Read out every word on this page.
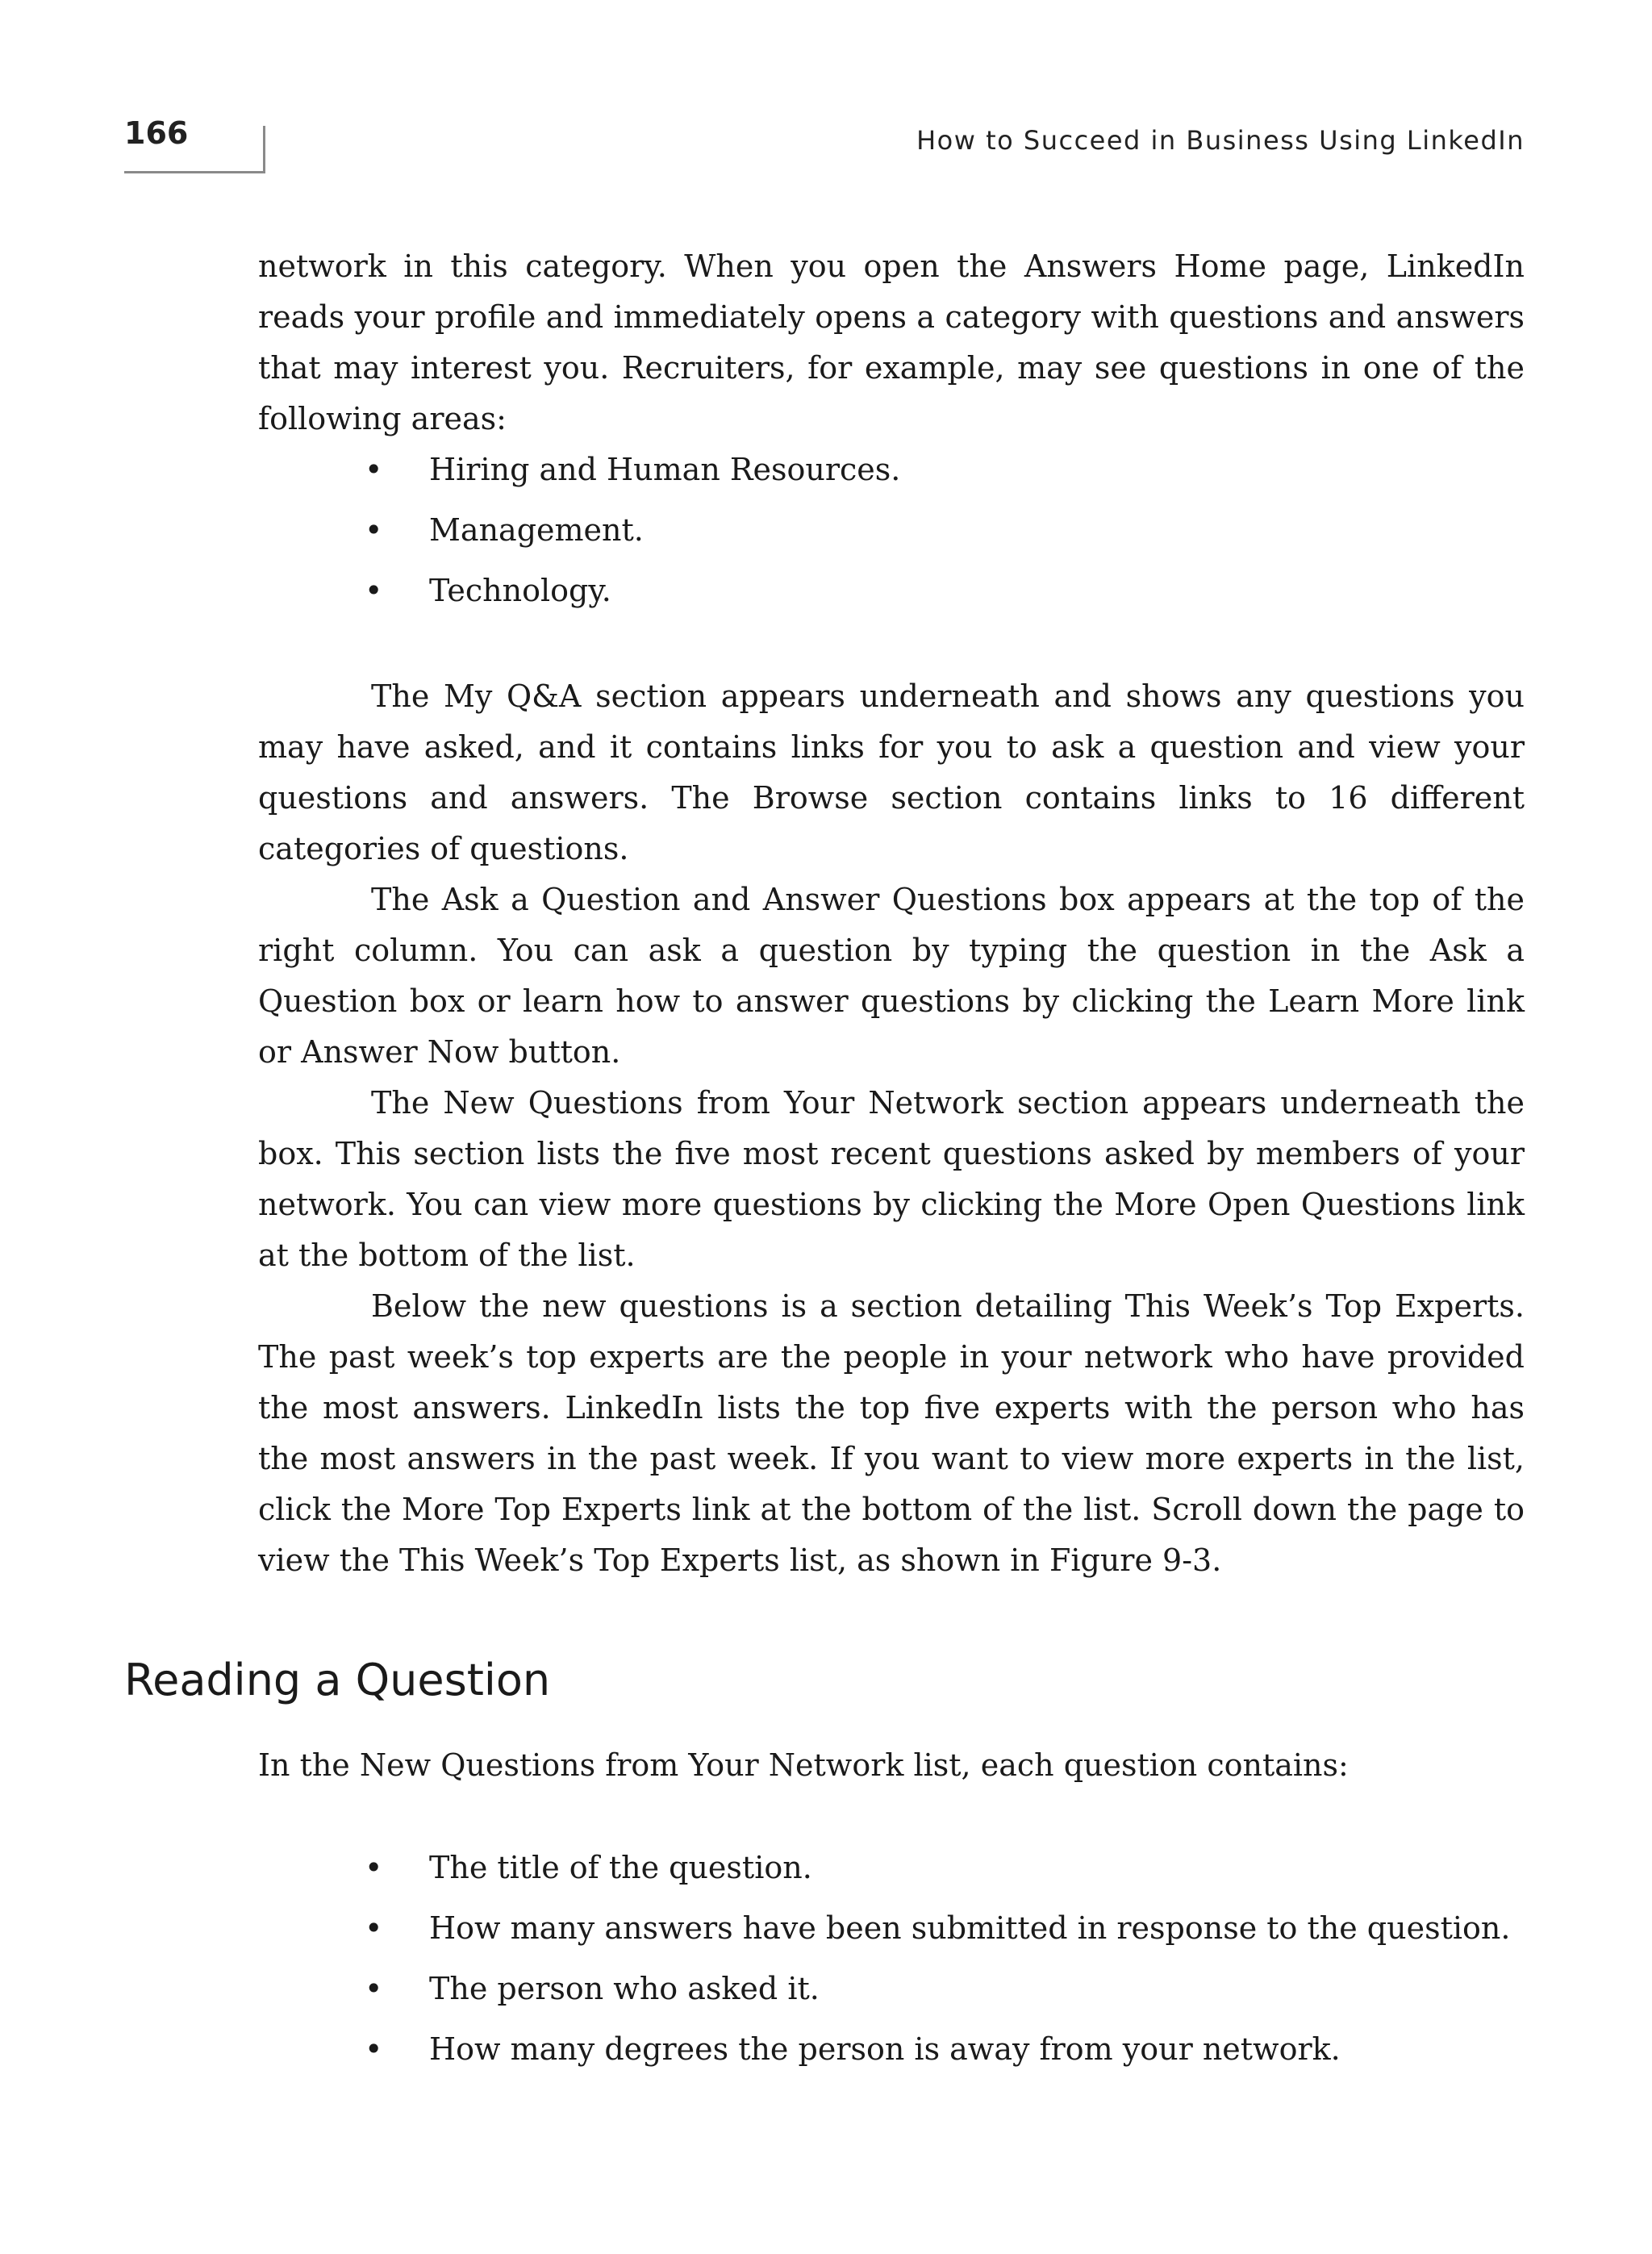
166	How to Succeed in Business Using LinkedIn

network in this category. When you open the Answers Home page, LinkedIn reads your profile and immediately opens a category with questions and answers that may interest you. Recruiters, for example, may see questions in one of the following areas:

• Hiring and Human Resources.
• Management.
• Technology.

The My Q&A section appears underneath and shows any questions you may have asked, and it contains links for you to ask a question and view your questions and answers. The Browse section contains links to 16 different categories of questions.

The Ask a Question and Answer Questions box appears at the top of the right column. You can ask a question by typing the question in the Ask a Question box or learn how to answer questions by clicking the Learn More link or Answer Now button.

The New Questions from Your Network section appears underneath the box. This section lists the five most recent questions asked by members of your network. You can view more questions by clicking the More Open Questions link at the bottom of the list.

Below the new questions is a section detailing This Week’s Top Experts. The past week’s top experts are the people in your network who have provided the most answers. LinkedIn lists the top five experts with the person who has the most answers in the past week. If you want to view more experts in the list, click the More Top Experts link at the bottom of the list. Scroll down the page to view the This Week’s Top Experts list, as shown in Figure 9-3.

Reading a Question

In the New Questions from Your Network list, each question contains:

• The title of the question.
• How many answers have been submitted in response to the question.
• The person who asked it.
• How many degrees the person is away from your network.
